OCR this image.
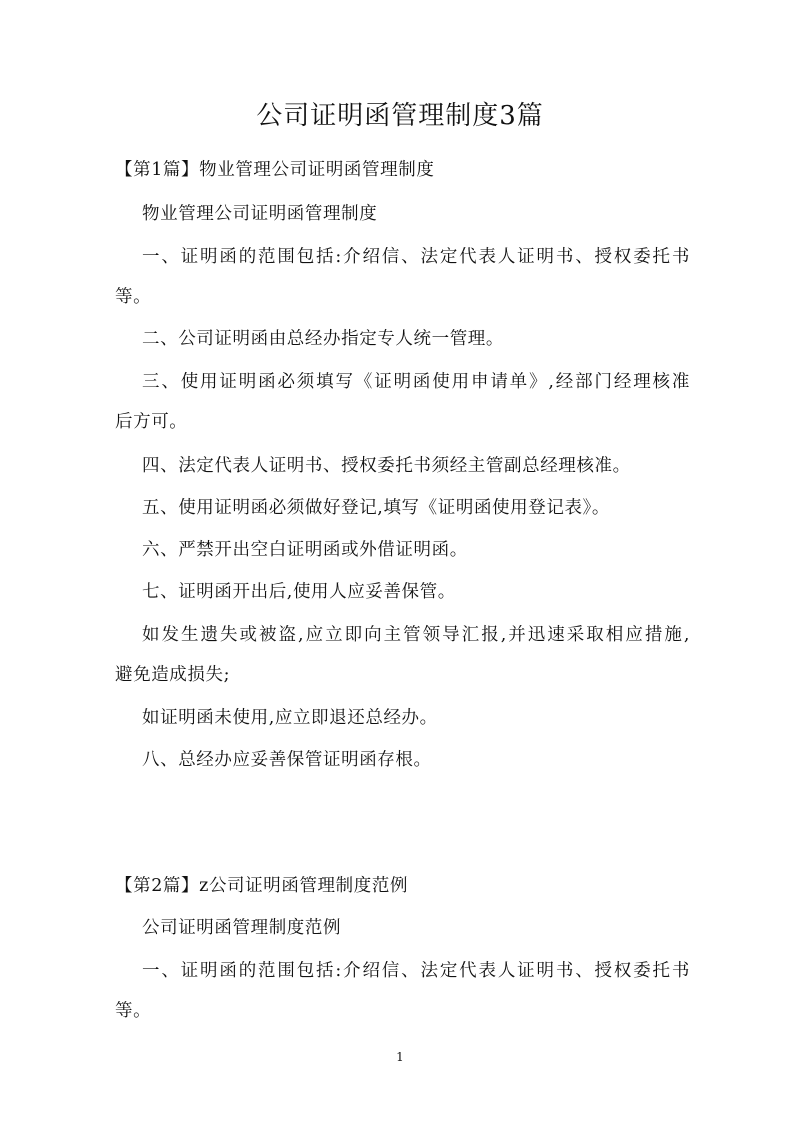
公司证明函管理制度3篇
【第1篇】物业管理公司证明函管理制度
物业管理公司证明函管理制度
一、证明函的范围包括:介绍信、法定代表人证明书、授权委托书
等。
二、公司证明函由总经办指定专人统一管理。
三、使用证明函必须填写《证明函使用申请单》,经部门经理核准
后方可。
四、法定代表人证明书、授权委托书须经主管副总经理核准。
五、使用证明函必须做好登记,填写《证明函使用登记表》。
六、严禁开出空白证明函或外借证明函。
七、证明函开出后,使用人应妥善保管。
如发生遗失或被盗,应立即向主管领导汇报,并迅速采取相应措施,
避免造成损失;
如证明函未使用,应立即退还总经办。
八、总经办应妥善保管证明函存根。
【第2篇】z公司证明函管理制度范例
公司证明函管理制度范例
一、证明函的范围包括:介绍信、法定代表人证明书、授权委托书
等。
1
